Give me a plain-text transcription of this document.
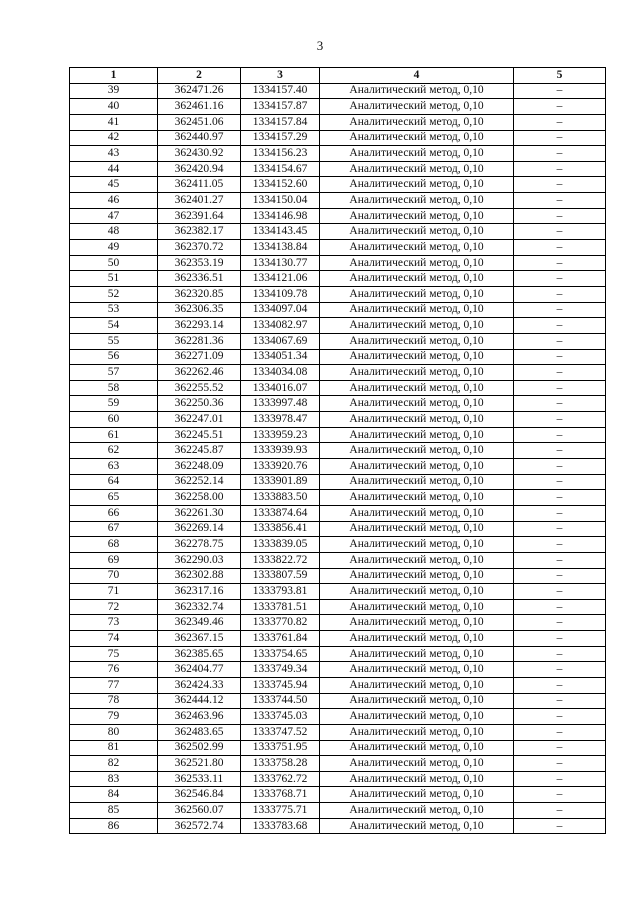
3
1	2	3	4	5
39	362471.26	1334157.40	Аналитический метод, 0,10	–
40	362461.16	1334157.87	Аналитический метод, 0,10	–
41	362451.06	1334157.84	Аналитический метод, 0,10	–
42	362440.97	1334157.29	Аналитический метод, 0,10	–
43	362430.92	1334156.23	Аналитический метод, 0,10	–
44	362420.94	1334154.67	Аналитический метод, 0,10	–
45	362411.05	1334152.60	Аналитический метод, 0,10	–
46	362401.27	1334150.04	Аналитический метод, 0,10	–
47	362391.64	1334146.98	Аналитический метод, 0,10	–
48	362382.17	1334143.45	Аналитический метод, 0,10	–
49	362370.72	1334138.84	Аналитический метод, 0,10	–
50	362353.19	1334130.77	Аналитический метод, 0,10	–
51	362336.51	1334121.06	Аналитический метод, 0,10	–
52	362320.85	1334109.78	Аналитический метод, 0,10	–
53	362306.35	1334097.04	Аналитический метод, 0,10	–
54	362293.14	1334082.97	Аналитический метод, 0,10	–
55	362281.36	1334067.69	Аналитический метод, 0,10	–
56	362271.09	1334051.34	Аналитический метод, 0,10	–
57	362262.46	1334034.08	Аналитический метод, 0,10	–
58	362255.52	1334016.07	Аналитический метод, 0,10	–
59	362250.36	1333997.48	Аналитический метод, 0,10	–
60	362247.01	1333978.47	Аналитический метод, 0,10	–
61	362245.51	1333959.23	Аналитический метод, 0,10	–
62	362245.87	1333939.93	Аналитический метод, 0,10	–
63	362248.09	1333920.76	Аналитический метод, 0,10	–
64	362252.14	1333901.89	Аналитический метод, 0,10	–
65	362258.00	1333883.50	Аналитический метод, 0,10	–
66	362261.30	1333874.64	Аналитический метод, 0,10	–
67	362269.14	1333856.41	Аналитический метод, 0,10	–
68	362278.75	1333839.05	Аналитический метод, 0,10	–
69	362290.03	1333822.72	Аналитический метод, 0,10	–
70	362302.88	1333807.59	Аналитический метод, 0,10	–
71	362317.16	1333793.81	Аналитический метод, 0,10	–
72	362332.74	1333781.51	Аналитический метод, 0,10	–
73	362349.46	1333770.82	Аналитический метод, 0,10	–
74	362367.15	1333761.84	Аналитический метод, 0,10	–
75	362385.65	1333754.65	Аналитический метод, 0,10	–
76	362404.77	1333749.34	Аналитический метод, 0,10	–
77	362424.33	1333745.94	Аналитический метод, 0,10	–
78	362444.12	1333744.50	Аналитический метод, 0,10	–
79	362463.96	1333745.03	Аналитический метод, 0,10	–
80	362483.65	1333747.52	Аналитический метод, 0,10	–
81	362502.99	1333751.95	Аналитический метод, 0,10	–
82	362521.80	1333758.28	Аналитический метод, 0,10	–
83	362533.11	1333762.72	Аналитический метод, 0,10	–
84	362546.84	1333768.71	Аналитический метод, 0,10	–
85	362560.07	1333775.71	Аналитический метод, 0,10	–
86	362572.74	1333783.68	Аналитический метод, 0,10	–
